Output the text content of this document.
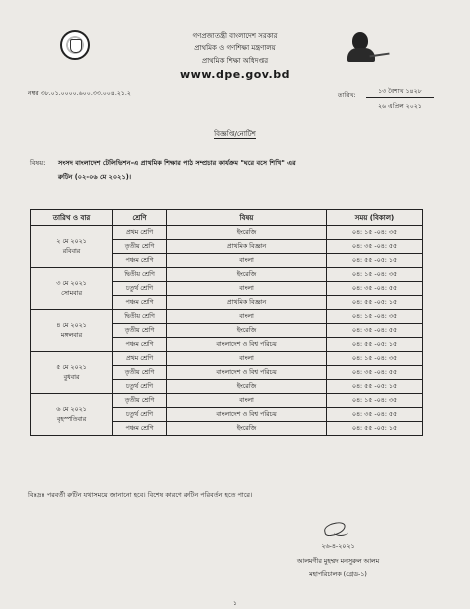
গণপ্রজাতন্ত্রী বাংলাদেশ সরকার
প্রাথমিক ও গণশিক্ষা মন্ত্রণালয়
প্রাথমিক শিক্ষা অধিদপ্তর
www.dpe.gov.bd
নম্বর ৩৮.০১.০০০০.৬০০.৩৩.০০৪.২১.২	তারিখ:
১৩ বৈশাখ ১৪২৮
২৬ এপ্রিল ২০২১
বিজ্ঞপ্তি/নোটিশ
বিষয়: সংসদ বাংলাদেশ টেলিভিশন-এ প্রাথমিক শিক্ষার পাঠ সম্প্রচার কার্যক্রম "ঘরে বসে শিখি" এর
রুটিন (০২-০৬ মে ২০২১)।
তারিখ ও বার	শ্রেণি	বিষয়	সময় (বিকাল)

২ মে ২০২১
রবিবার	প্রথম শ্রেণি	ইংরেজি	০৪: ১৫ -০৪: ৩৫
	তৃতীয় শ্রেণি	প্রাথমিক বিজ্ঞান	০৪: ৩৫ -০৪: ৫৫
	পঞ্চম শ্রেণি	বাংলা	০৪: ৫৫ -০৫: ১৫

৩ মে ২০২১
সোমবার	দ্বিতীয় শ্রেণি	ইংরেজি	০৪: ১৫ -০৪: ৩৫
	চতুর্থ শ্রেণি	বাংলা	০৪: ৩৫ -০৪: ৫৫
	পঞ্চম শ্রেণি	প্রাথমিক বিজ্ঞান	০৪: ৫৫ -০৫: ১৫

৪ মে ২০২১
মঙ্গলবার	দ্বিতীয় শ্রেণি	বাংলা	০৪: ১৫ -০৪: ৩৫
	তৃতীয় শ্রেণি	ইংরেজি	০৪: ৩৫ -০৪: ৫৫
	পঞ্চম শ্রেণি	বাংলাদেশ ও বিশ্ব পরিচয়	০৪: ৫৫ -০৫: ১৫

৫ মে ২০২১
বুধবার	প্রথম শ্রেণি	বাংলা	০৪: ১৫ -০৪: ৩৫
	তৃতীয় শ্রেণি	বাংলাদেশ ও বিশ্ব পরিচয়	০৪: ৩৫ -০৪: ৫৫
	চতুর্থ শ্রেণি	ইংরেজি	০৪: ৫৫ -০৫: ১৫

৬ মে ২০২১
বৃহস্পতিবার	তৃতীয় শ্রেণি	বাংলা	০৪: ১৫ -০৪: ৩৫
	চতুর্থ শ্রেণি	বাংলাদেশ ও বিশ্ব পরিচয়	০৪: ৩৫ -০৪: ৫৫
	পঞ্চম শ্রেণি	ইংরেজি	০৪: ৫৫ -০৫: ১৫
বিঃদ্রঃ পরবর্তী রুটিন যথাসময়ে জানানো হবে। বিশেষ কারণে রুটিন পরিবর্তন হতে পারে।
২৬-৪-২০২১
আলমগীর মুহম্মদ মনসুরুল আলম
মহাপরিচালক (গ্রেড-১)
১
